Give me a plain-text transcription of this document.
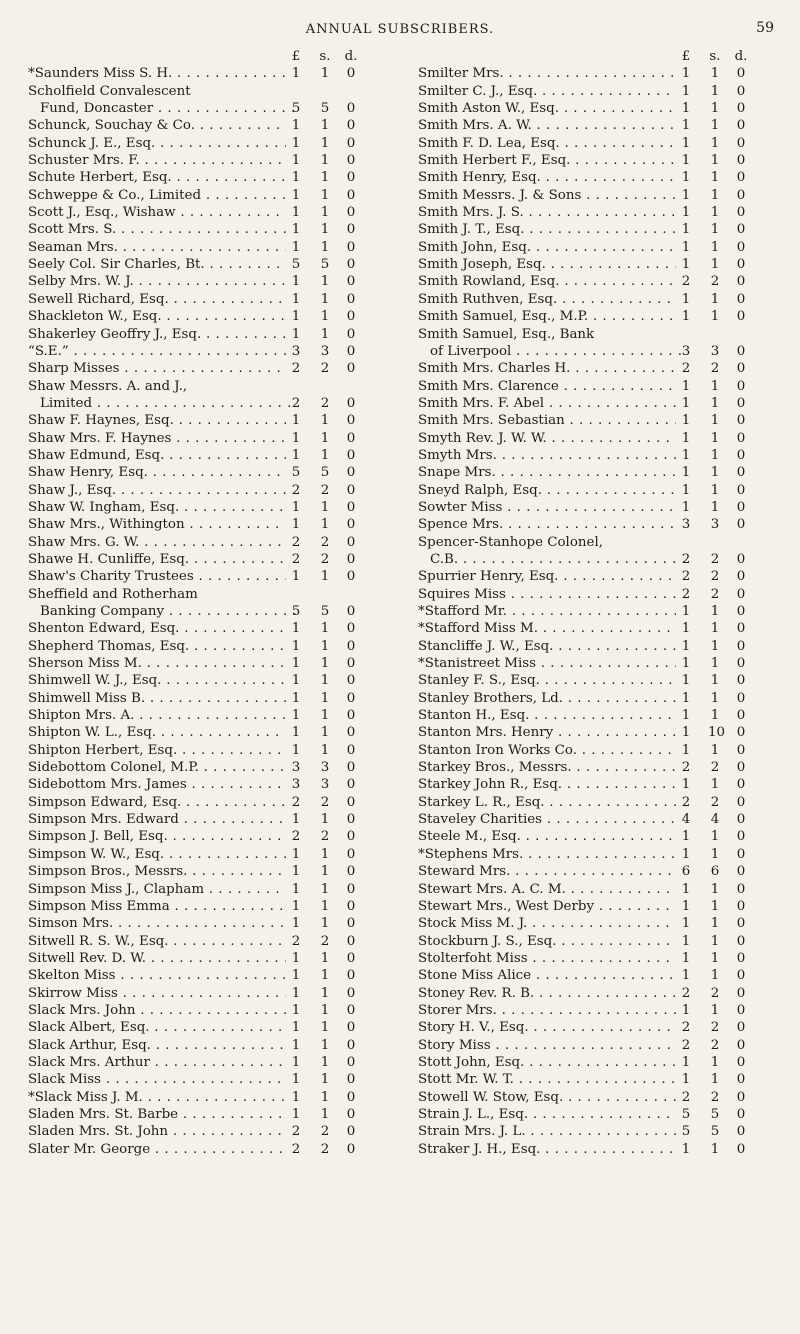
ANNUAL SUBSCRIBERS.	59
£ s. d.
*Saunders Miss S. H. . . .	1 1 0
Scholfield Convalescent
Fund, Doncaster . . .	5 5 0
Schunck, Souchay & Co. . . .	1 1 0
Schunck J. E., Esq. . . .	1 1 0
Schuster Mrs. F. . . .	1 1 0
Schute Herbert, Esq. . . .	1 1 0
Schweppe & Co., Limited . . .	1 1 0
Scott J., Esq., Wishaw . . .	1 1 0
Scott Mrs. S. . . .	1 1 0
Seaman Mrs. . . .	1 1 0
Seely Col. Sir Charles, Bt. . . .	5 5 0
Selby Mrs. W. J. . . .	1 1 0
Sewell Richard, Esq. . . .	1 1 0
Shackleton W., Esq. . . .	1 1 0
Shakerley Geoffry J., Esq. . . .	1 1 0
“S.E.” . . .	3 3 0
Sharp Misses . . .	2 2 0
Shaw Messrs. A. and J.,
Limited . . .	2 2 0
Shaw F. Haynes, Esq. . . .	1 1 0
Shaw Mrs. F. Haynes . . .	1 1 0
Shaw Edmund, Esq. . . .	1 1 0
Shaw Henry, Esq. . . .	5 5 0
Shaw J., Esq. . . .	2 2 0
Shaw W. Ingham, Esq. . . .	1 1 0
Shaw Mrs., Withington . . .	1 1 0
Shaw Mrs. G. W. . . .	2 2 0
Shawe H. Cunliffe, Esq. . . .	2 2 0
Shaw's Charity Trustees . . .	1 1 0
Sheffield and Rotherham
Banking Company . . .	5 5 0
Shenton Edward, Esq. . . .	1 1 0
Shepherd Thomas, Esq. . . .	1 1 0
Sherson Miss M. . . .	1 1 0
Shimwell W. J., Esq. . . .	1 1 0
Shimwell Miss B. . . .	1 1 0
Shipton Mrs. A. . . .	1 1 0
Shipton W. L., Esq. . . .	1 1 0
Shipton Herbert, Esq. . . .	1 1 0
Sidebottom Colonel, M.P. . . .	3 3 0
Sidebottom Mrs. James . . .	3 3 0
Simpson Edward, Esq. . . .	2 2 0
Simpson Mrs. Edward . . .	1 1 0
Simpson J. Bell, Esq. . . .	2 2 0
Simpson W. W., Esq. . . .	1 1 0
Simpson Bros., Messrs. . . .	1 1 0
Simpson Miss J., Clapham . . .	1 1 0
Simpson Miss Emma . . .	1 1 0
Simson Mrs. . . .	1 1 0
Sitwell R. S. W., Esq. . . .	2 2 0
Sitwell Rev. D. W. . . .	1 1 0
Skelton Miss . . .	1 1 0
Skirrow Miss . . .	1 1 0
Slack Mrs. John . . .	1 1 0
Slack Albert, Esq. . . .	1 1 0
Slack Arthur, Esq. . . .	1 1 0
Slack Mrs. Arthur . . .	1 1 0
Slack Miss . . .	1 1 0
*Slack Miss J. M. . . .	1 1 0
Sladen Mrs. St. Barbe . . .	1 1 0
Sladen Mrs. St. John . . .	2 2 0
Slater Mr. George . . .	2 2 0
£ s. d.
Smilter Mrs. . . .	1 1 0
Smilter C. J., Esq. . . .	1 1 0
Smith Aston W., Esq. . . .	1 1 0
Smith Mrs. A. W. . . .	1 1 0
Smith F. D. Lea, Esq. . . .	1 1 0
Smith Herbert F., Esq. . . .	1 1 0
Smith Henry, Esq. . . .	1 1 0
Smith Messrs. J. & Sons . . .	1 1 0
Smith Mrs. J. S. . . .	1 1 0
Smith J. T., Esq. . . .	1 1 0
Smith John, Esq. . . .	1 1 0
Smith Joseph, Esq. . . .	1 1 0
Smith Rowland, Esq. . . .	2 2 0
Smith Ruthven, Esq. . . .	1 1 0
Smith Samuel, Esq., M.P. . . .	1 1 0
Smith Samuel, Esq., Bank
of Liverpool . . .	3 3 0
Smith Mrs. Charles H. . . .	2 2 0
Smith Mrs. Clarence . . .	1 1 0
Smith Mrs. F. Abel . . .	1 1 0
Smith Mrs. Sebastian . . .	1 1 0
Smyth Rev. J. W. W. . . .	1 1 0
Smyth Mrs. . . .	1 1 0
Snape Mrs. . . .	1 1 0
Sneyd Ralph, Esq. . . .	1 1 0
Sowter Miss . . .	1 1 0
Spence Mrs. . . .	3 3 0
Spencer-Stanhope Colonel,
C.B. . . .	2 2 0
Spurrier Henry, Esq. . . .	2 2 0
Squires Miss . . .	2 2 0
*Stafford Mr. . . .	1 1 0
*Stafford Miss M. . . .	1 1 0
Stancliffe J. W., Esq. . . .	1 1 0
*Stanistreet Miss . . .	1 1 0
Stanley F. S., Esq. . . .	1 1 0
Stanley Brothers, Ld. . . .	1 1 0
Stanton H., Esq. . . .	1 1 0
Stanton Mrs. Henry . . .	1 10 0
Stanton Iron Works Co. . . .	1 1 0
Starkey Bros., Messrs. . . .	2 2 0
Starkey John R., Esq. . . .	1 1 0
Starkey L. R., Esq. . . .	2 2 0
Staveley Charities . . .	4 4 0
Steele M., Esq. . . .	1 1 0
*Stephens Mrs. . . .	1 1 0
Steward Mrs. . . .	6 6 0
Stewart Mrs. A. C. M. . . .	1 1 0
Stewart Mrs., West Derby . . .	1 1 0
Stock Miss M. J. . . .	1 1 0
Stockburn J. S., Esq. . . .	1 1 0
Stolterfoht Miss . . .	1 1 0
Stone Miss Alice . . .	1 1 0
Stoney Rev. R. B. . . .	2 2 0
Storer Mrs. . . .	1 1 0
Story H. V., Esq. . . .	2 2 0
Story Miss . . .	2 2 0
Stott John, Esq. . . .	1 1 0
Stott Mr. W. T. . . .	1 1 0
Stowell W. Stow, Esq. . . .	2 2 0
Strain J. L., Esq. . . .	5 5 0
Strain Mrs. J. L. . . .	5 5 0
Straker J. H., Esq. . . .	1 1 0
